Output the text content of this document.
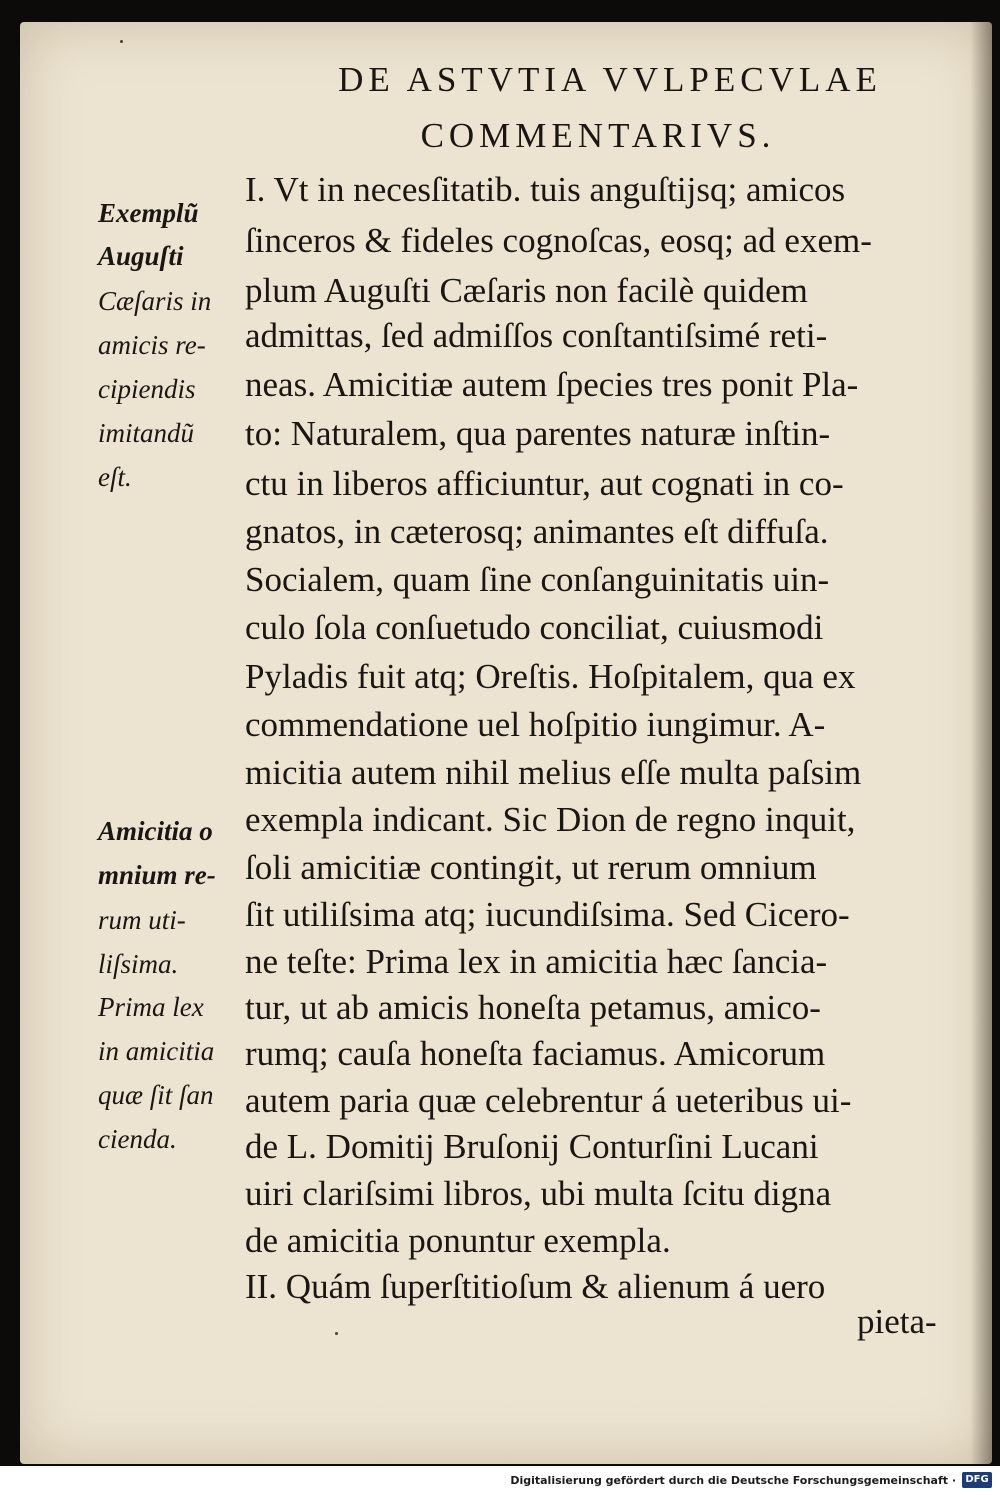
DE ASTVTIA VVLPECVLAE
COMMENTARIVS.
I. Vt in necesſitatib. tuis anguſtijsq; amicos
ſinceros & fideles cognoſcas, eosq; ad exem-
plum Auguſti Cæſaris non facilè quidem
admittas, ſed admiſſos conſtantiſsimé reti-
neas. Amicitiæ autem ſpecies tres ponit Pla-
to: Naturalem, qua parentes naturæ inſtin-
ctu in liberos afficiuntur, aut cognati in co-
gnatos, in cæterosq; animantes eſt diffuſa.
Socialem, quam ſine conſanguinitatis uin-
culo ſola conſuetudo conciliat, cuiusmodi
Pyladis fuit atq; Oreſtis. Hoſpitalem, qua ex
commendatione uel hoſpitio iungimur. A-
micitia autem nihil melius eſſe multa paſsim
exempla indicant. Sic Dion de regno inquit,
ſoli amicitiæ contingit, ut rerum omnium
ſit utiliſsima atq; iucundiſsima. Sed Cicero-
ne teſte: Prima lex in amicitia hæc ſancia-
tur, ut ab amicis honeſta petamus, amico-
rumq; cauſa honeſta faciamus. Amicorum
autem paria quæ celebrentur á ueteribus ui-
de L. Domitij Bruſonij Conturſini Lucani
uiri clariſsimi libros, ubi multa ſcitu digna
de amicitia ponuntur exempla.
II. Quám ſuperſtitioſum & alienum á uero
pieta-
Exemplũ
Auguſti
Cæſaris in
amicis re-
cipiendis
imitandũ
eſt.
Amicitia o
mnium re-
rum uti-
liſsima.
Prima lex
in amicitia
quæ ſit ſan
cienda.
Digitalisierung gefördert durch die Deutsche Forschungsgemeinschaft · DFG
